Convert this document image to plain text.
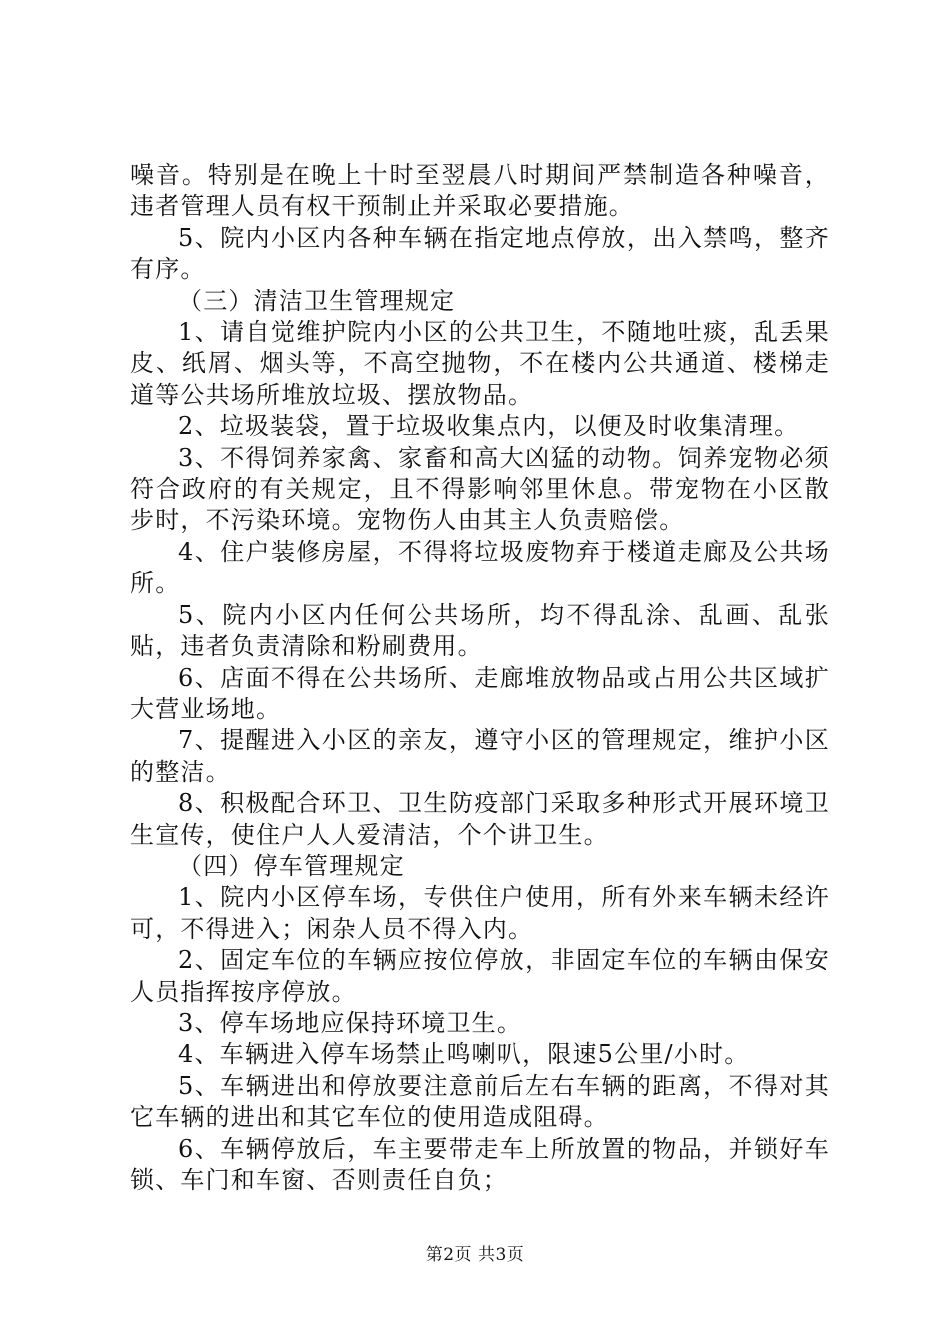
噪音。特别是在晚上十时至翌晨八时期间严禁制造各种噪音，违者管理人员有权干预制止并采取必要措施。

5、院内小区内各种车辆在指定地点停放，出入禁鸣，整齐有序。

（三）清洁卫生管理规定

1、请自觉维护院内小区的公共卫生，不随地吐痰，乱丢果皮、纸屑、烟头等，不高空抛物，不在楼内公共通道、楼梯走道等公共场所堆放垃圾、摆放物品。

2、垃圾装袋，置于垃圾收集点内，以便及时收集清理。

3、不得饲养家禽、家畜和高大凶猛的动物。饲养宠物必须符合政府的有关规定，且不得影响邻里休息。带宠物在小区散步时，不污染环境。宠物伤人由其主人负责赔偿。

4、住户装修房屋，不得将垃圾废物弃于楼道走廊及公共场所。

5、院内小区内任何公共场所，均不得乱涂、乱画、乱张贴，违者负责清除和粉刷费用。

6、店面不得在公共场所、走廊堆放物品或占用公共区域扩大营业场地。

7、提醒进入小区的亲友，遵守小区的管理规定，维护小区的整洁。

8、积极配合环卫、卫生防疫部门采取多种形式开展环境卫生宣传，使住户人人爱清洁，个个讲卫生。

（四）停车管理规定

1、院内小区停车场，专供住户使用，所有外来车辆未经许可，不得进入；闲杂人员不得入内。

2、固定车位的车辆应按位停放，非固定车位的车辆由保安人员指挥按序停放。

3、停车场地应保持环境卫生。

4、车辆进入停车场禁止鸣喇叭，限速5公里/小时。

5、车辆进出和停放要注意前后左右车辆的距离，不得对其它车辆的进出和其它车位的使用造成阻碍。

6、车辆停放后，车主要带走车上所放置的物品，并锁好车锁、车门和车窗、否则责任自负；

第2页 共3页
